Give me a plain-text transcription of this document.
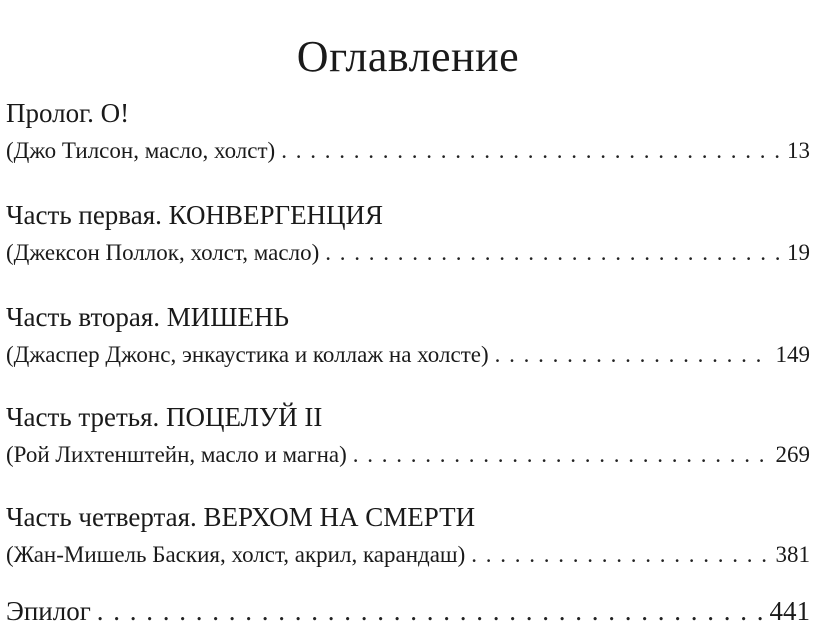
Оглавление
Пролог. O!
(Джо Тилсон, масло, холст) . . .	13
Часть первая. КОНВЕРГЕНЦИЯ
(Джексон Поллок, холст, масло) . . .	19
Часть вторая. МИШЕНЬ
(Джаспер Джонс, энкаустика и коллаж на холсте) . . .	149
Часть третья. ПОЦЕЛУЙ II
(Рой Лихтенштейн, масло и магна) . . .	269
Часть четвертая. ВЕРХОМ НА СМЕРТИ
(Жан-Мишель Баския, холст, акрил, карандаш) . . .	381
Эпилог . . .	441
